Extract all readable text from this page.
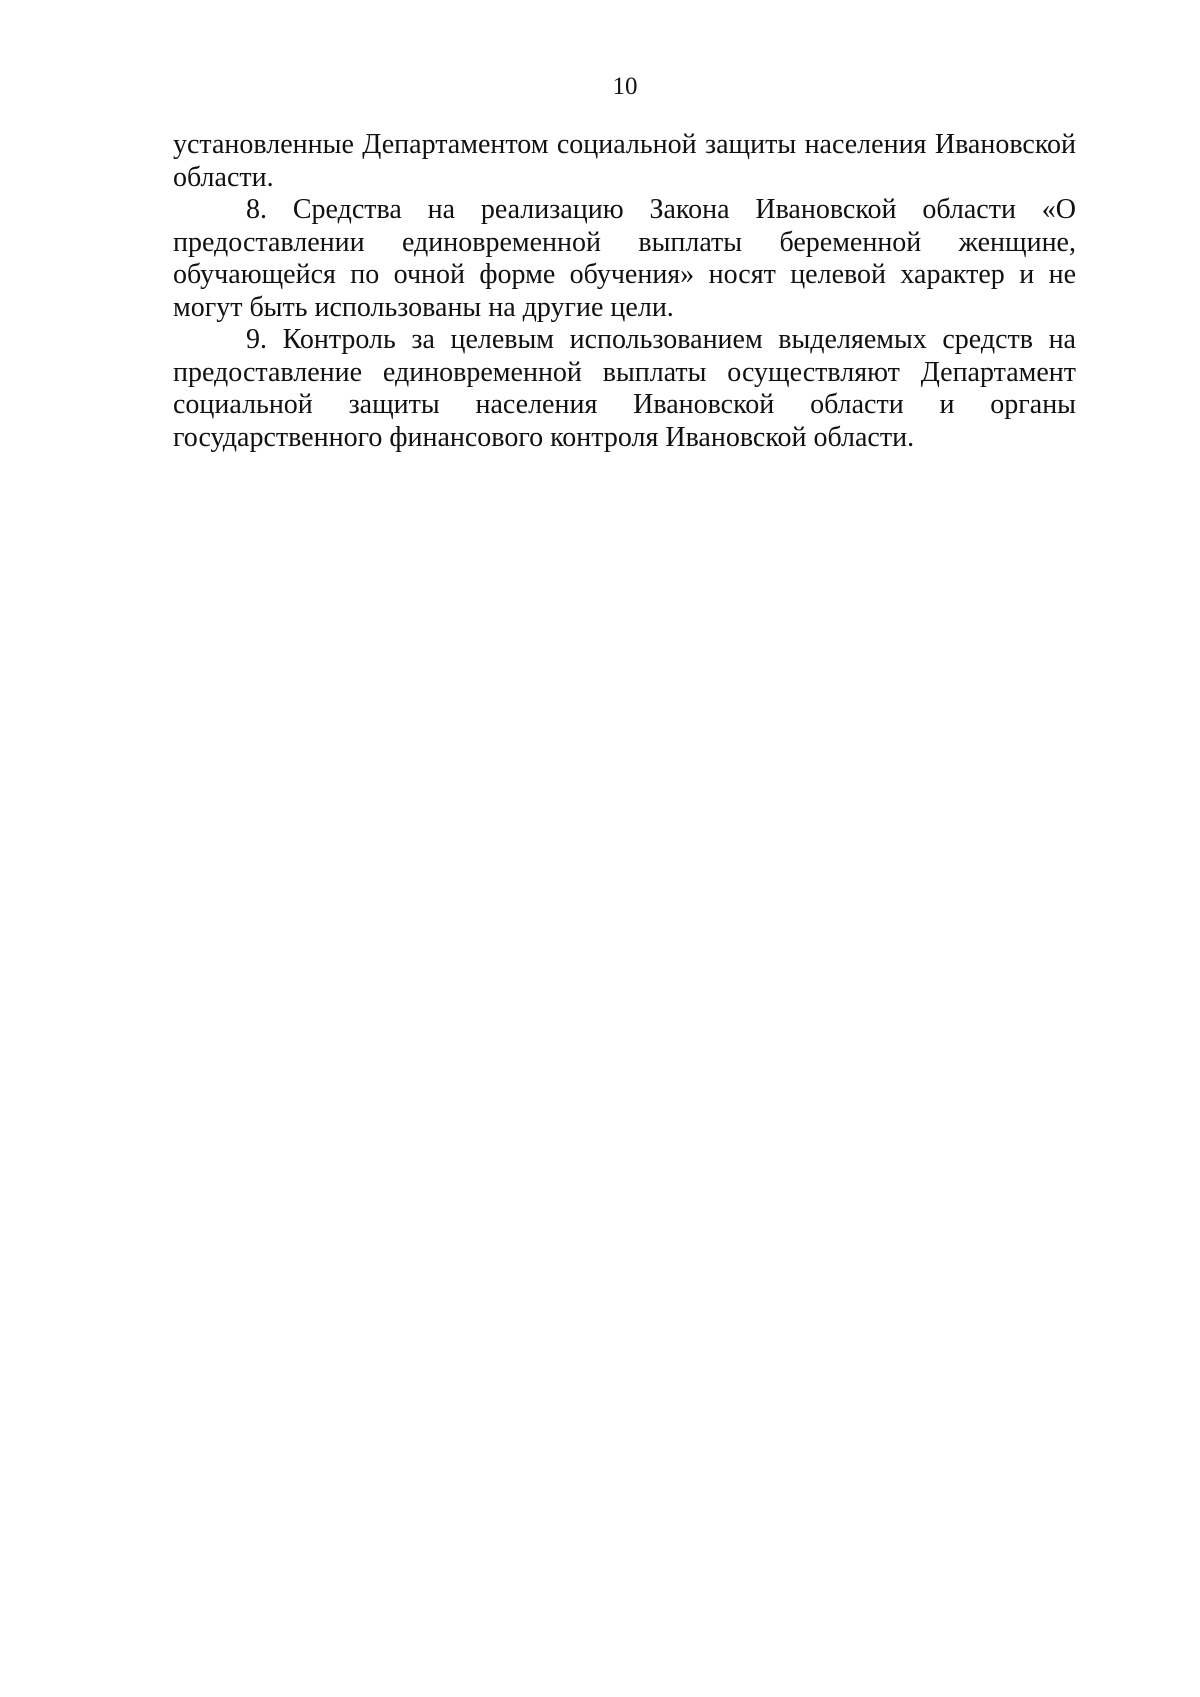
10

установленные Департаментом социальной защиты населения Ивановской области.

8. Средства на реализацию Закона Ивановской области «О предоставлении единовременной выплаты беременной женщине, обучающейся по очной форме обучения» носят целевой характер и не могут быть использованы на другие цели.

9. Контроль за целевым использованием выделяемых средств на предоставление единовременной выплаты осуществляют Департамент социальной защиты населения Ивановской области и органы государственного финансового контроля Ивановской области.
